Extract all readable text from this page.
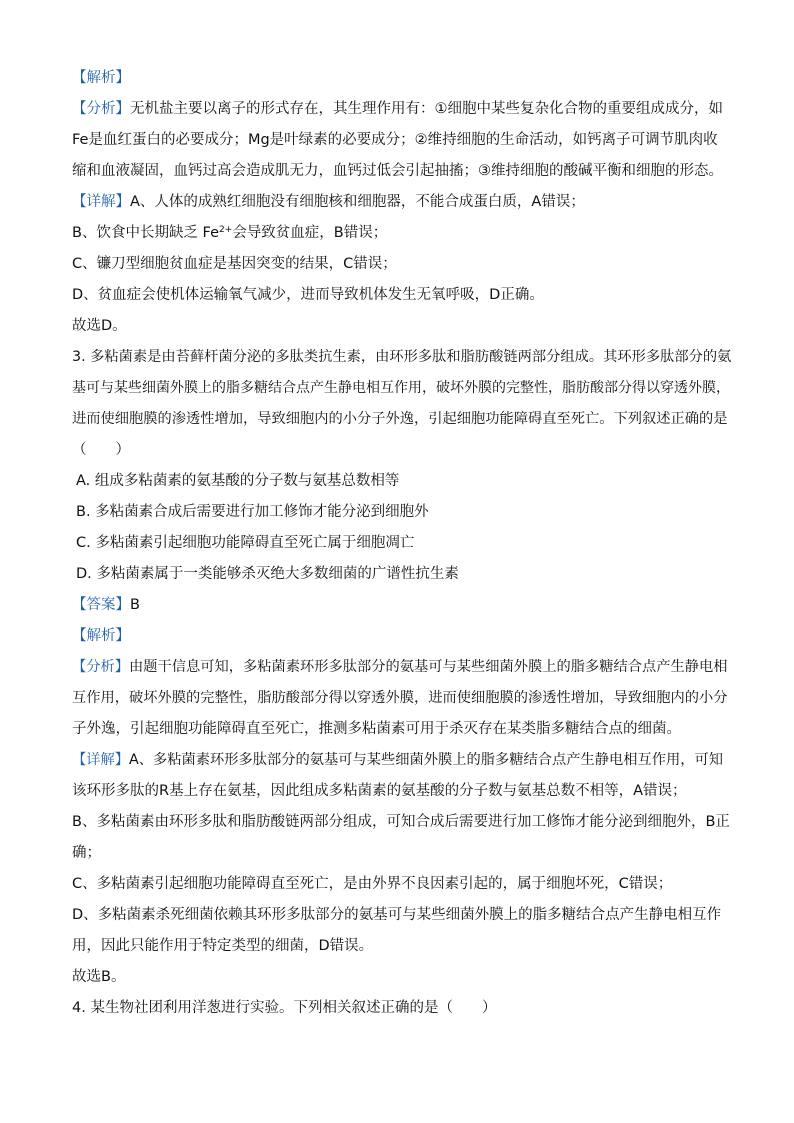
【解析】
【分析】无机盐主要以离子的形式存在，其生理作用有：①细胞中某些复杂化合物的重要组成成分，如
Fe是血红蛋白的必要成分；Mg是叶绿素的必要成分；②维持细胞的生命活动，如钙离子可调节肌肉收
缩和血液凝固，血钙过高会造成肌无力，血钙过低会引起抽搐；③维持细胞的酸碱平衡和细胞的形态。
【详解】A、人体的成熟红细胞没有细胞核和细胞器，不能合成蛋白质，A错误；
B、饮食中长期缺乏 $Fe^{2+}$会导致贫血症，B错误；
C、镰刀型细胞贫血症是基因突变的结果，C错误；
D、贫血症会使机体运输氧气减少，进而导致机体发生无氧呼吸，D正确。
故选D。
3. 多粘菌素是由苔藓杆菌分泌的多肽类抗生素，由环形多肽和脂肪酸链两部分组成。其环形多肽部分的氨
基可与某些细菌外膜上的脂多糖结合点产生静电相互作用，破坏外膜的完整性，脂肪酸部分得以穿透外膜，
进而使细胞膜的渗透性增加，导致细胞内的小分子外逸，引起细胞功能障碍直至死亡。下列叙述正确的是
（　　）
A. 组成多粘菌素的氨基酸的分子数与氨基总数相等
B. 多粘菌素合成后需要进行加工修饰才能分泌到细胞外
C. 多粘菌素引起细胞功能障碍直至死亡属于细胞凋亡
D. 多粘菌素属于一类能够杀灭绝大多数细菌的广谱性抗生素
【答案】B
【解析】
【分析】由题干信息可知，多粘菌素环形多肽部分的氨基可与某些细菌外膜上的脂多糖结合点产生静电相
互作用，破坏外膜的完整性，脂肪酸部分得以穿透外膜，进而使细胞膜的渗透性增加，导致细胞内的小分
子外逸，引起细胞功能障碍直至死亡，推测多粘菌素可用于杀灭存在某类脂多糖结合点的细菌。
【详解】A、多粘菌素环形多肽部分的氨基可与某些细菌外膜上的脂多糖结合点产生静电相互作用，可知
该环形多肽的R基上存在氨基，因此组成多粘菌素的氨基酸的分子数与氨基总数不相等，A错误；
B、多粘菌素由环形多肽和脂肪酸链两部分组成，可知合成后需要进行加工修饰才能分泌到细胞外，B正
确；
C、多粘菌素引起细胞功能障碍直至死亡，是由外界不良因素引起的，属于细胞坏死，C错误；
D、多粘菌素杀死细菌依赖其环形多肽部分的氨基可与某些细菌外膜上的脂多糖结合点产生静电相互作
用，因此只能作用于特定类型的细菌，D错误。
故选B。
4. 某生物社团利用洋葱进行实验。下列相关叙述正确的是（　　）
